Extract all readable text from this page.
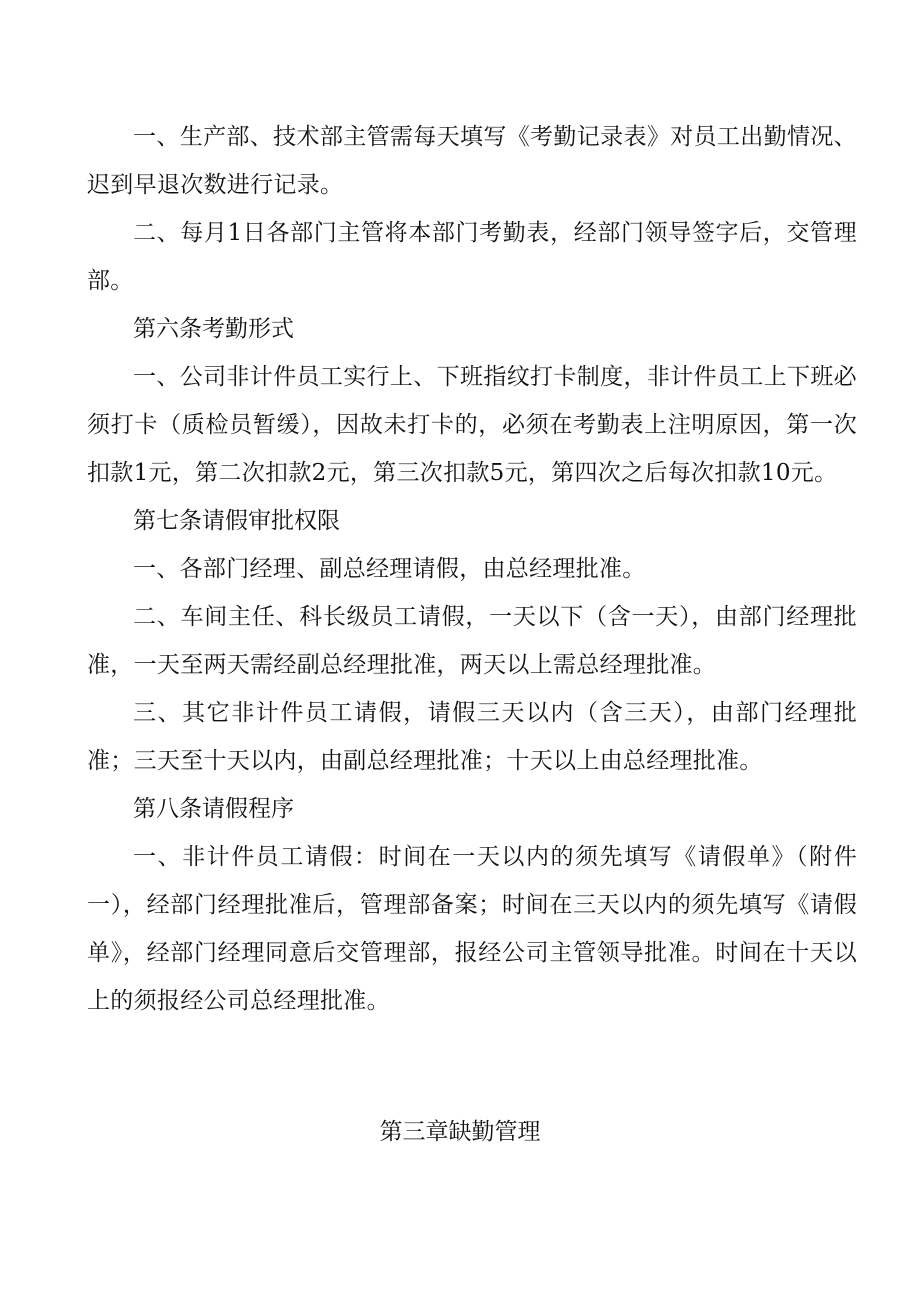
一、生产部、技术部主管需每天填写《考勤记录表》对员工出勤情况、迟到早退次数进行记录。

二、每月1日各部门主管将本部门考勤表，经部门领导签字后，交管理部。

第六条考勤形式

一、公司非计件员工实行上、下班指纹打卡制度，非计件员工上下班必须打卡（质检员暂缓），因故未打卡的，必须在考勤表上注明原因，第一次扣款1元，第二次扣款2元，第三次扣款5元，第四次之后每次扣款10元。

第七条请假审批权限

一、各部门经理、副总经理请假，由总经理批准。

二、车间主任、科长级员工请假，一天以下（含一天），由部门经理批准，一天至两天需经副总经理批准，两天以上需总经理批准。

三、其它非计件员工请假，请假三天以内（含三天），由部门经理批准；三天至十天以内，由副总经理批准；十天以上由总经理批准。

第八条请假程序

一、非计件员工请假：时间在一天以内的须先填写《请假单》（附件一），经部门经理批准后，管理部备案；时间在三天以内的须先填写《请假单》，经部门经理同意后交管理部，报经公司主管领导批准。时间在十天以上的须报经公司总经理批准。

第三章缺勤管理
